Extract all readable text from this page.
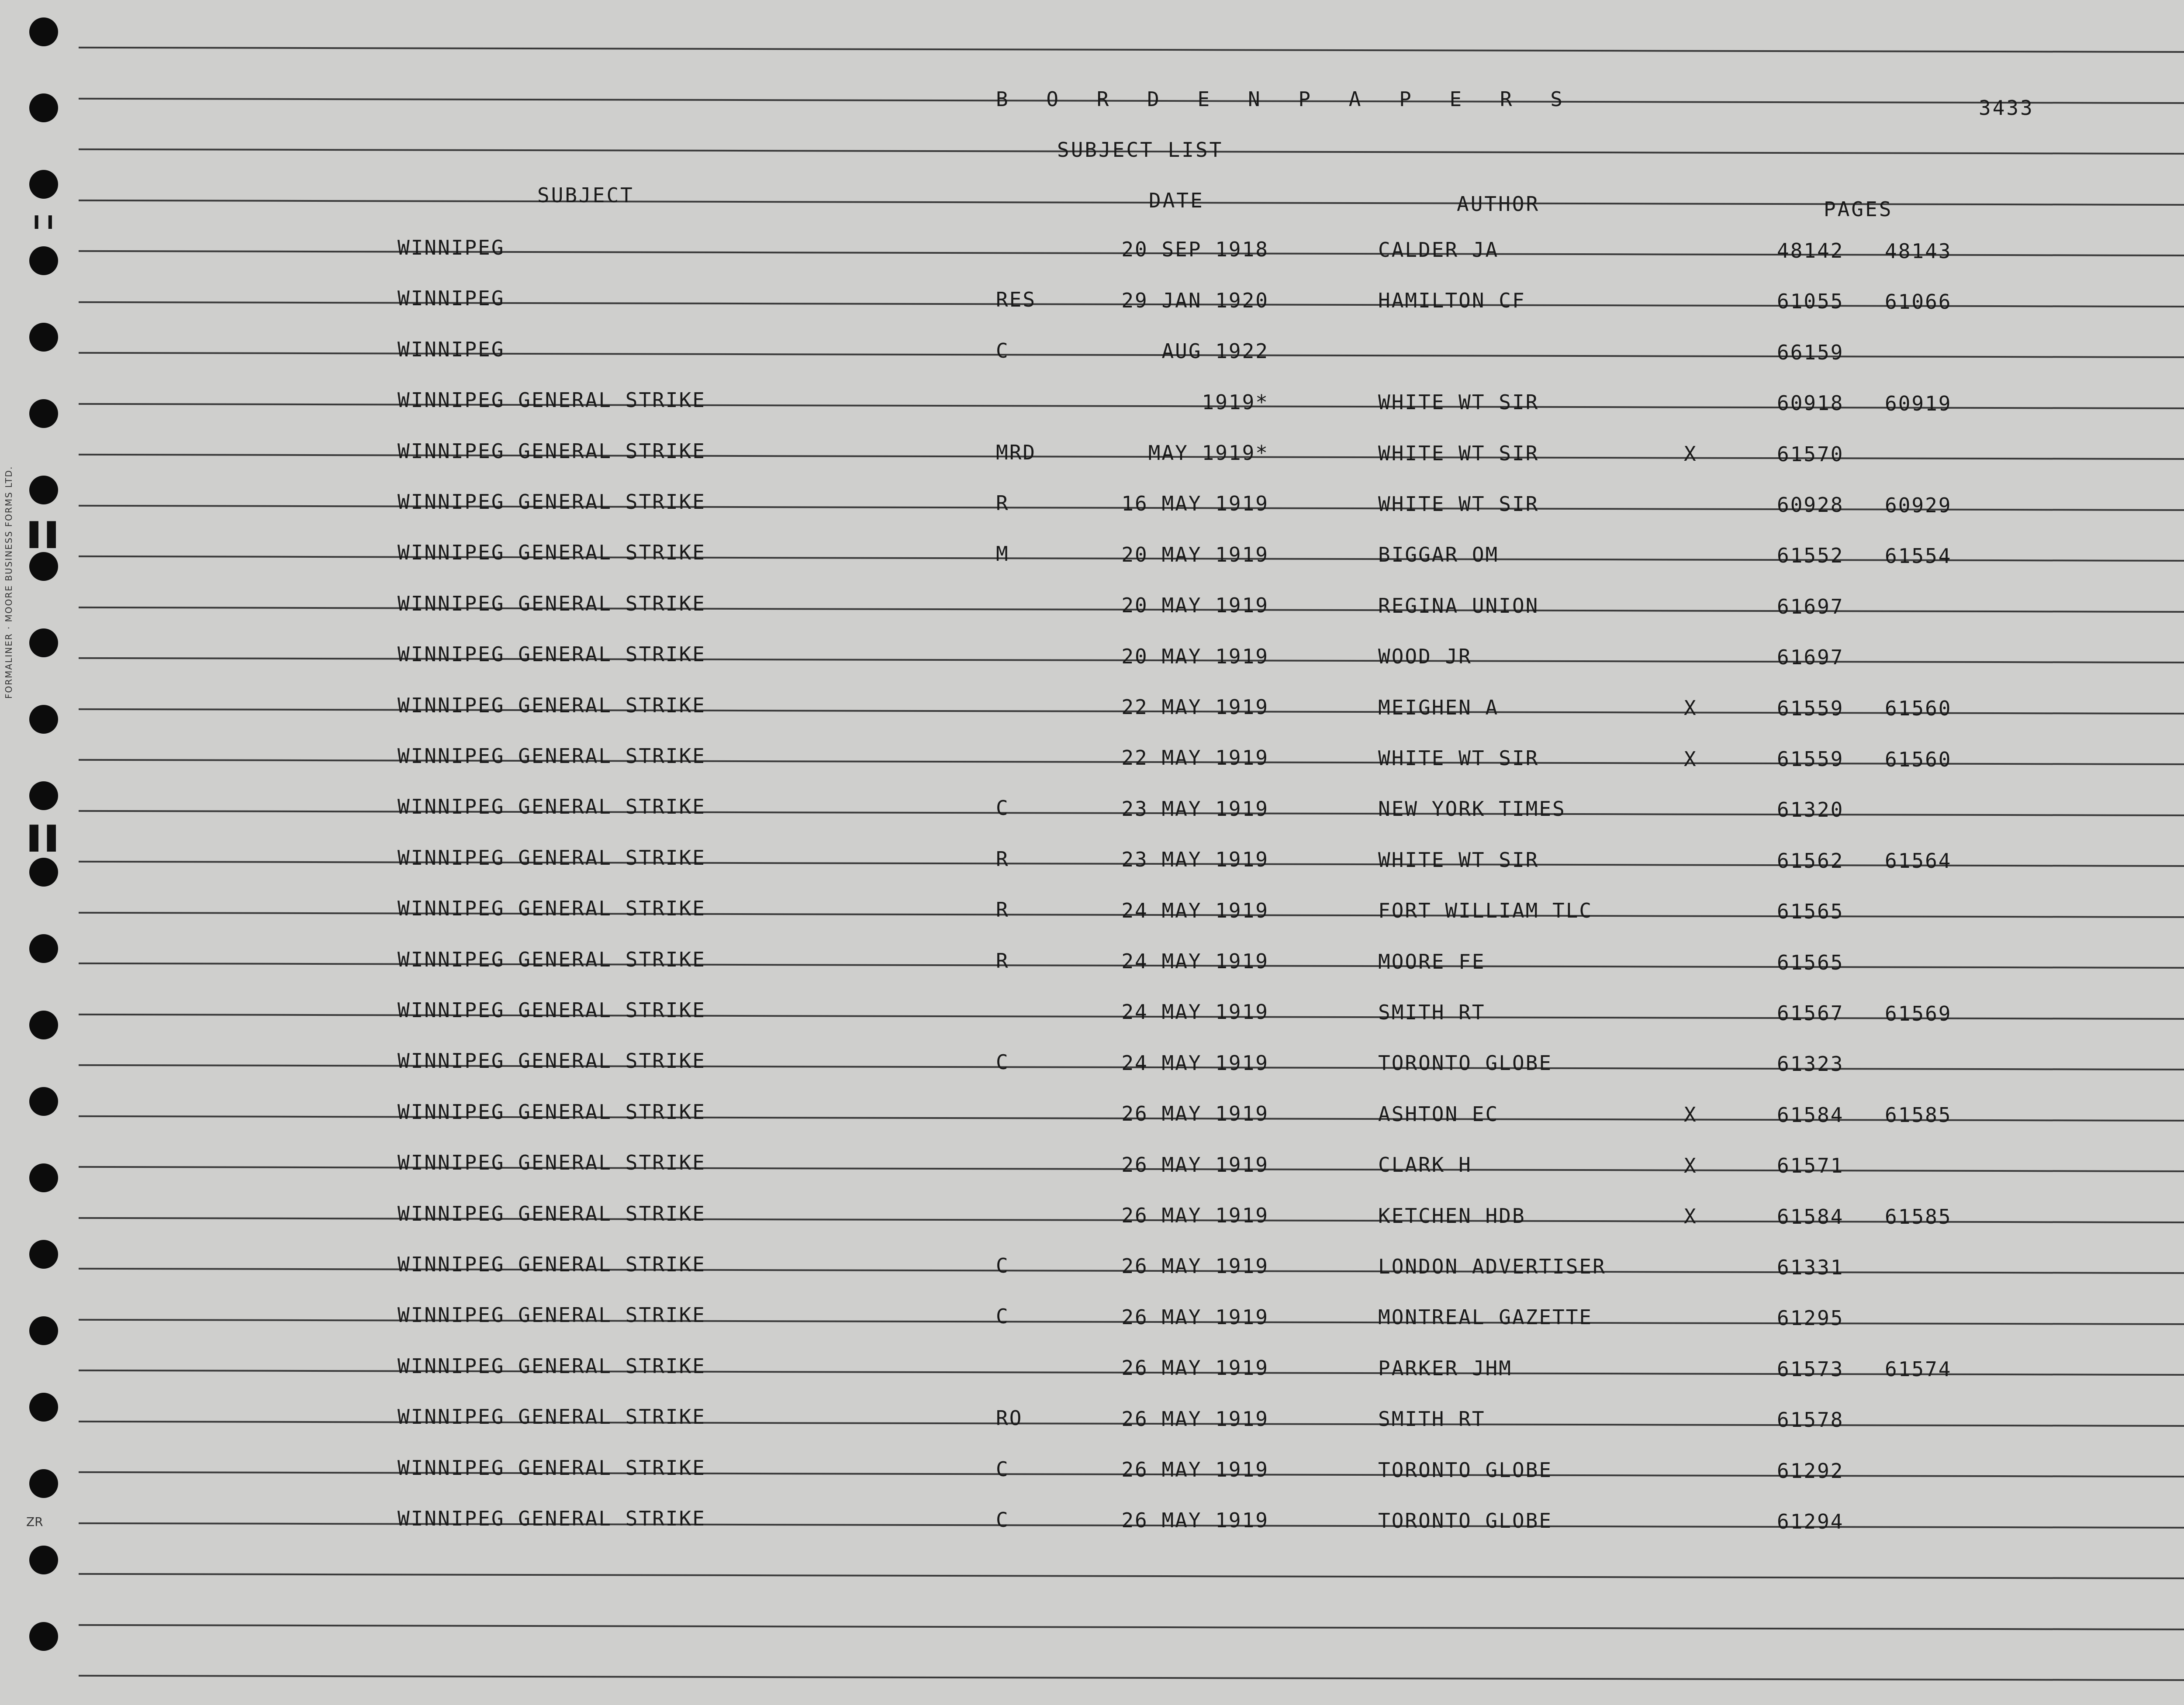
FORMALINER · MOORE BUSINESS FORMS LTD.
ZR
╹╹
▌▌
▌▌
B O R D E N P A P E R S	3433
SUBJECT LIST
SUBJECT	DATE	AUTHOR	PAGES
WINNIPEG	20 SEP 1918	CALDER JA	48142 48143
WINNIPEG	RES	29 JAN 1920	HAMILTON CF	61055 61066
WINNIPEG	C	AUG 1922	66159
WINNIPEG GENERAL STRIKE	1919*	WHITE WT SIR	60918 60919
WINNIPEG GENERAL STRIKE	MRD	MAY 1919*	WHITE WT SIR	X	61570
WINNIPEG GENERAL STRIKE	R	16 MAY 1919	WHITE WT SIR	60928 60929
WINNIPEG GENERAL STRIKE	M	20 MAY 1919	BIGGAR OM	61552 61554
WINNIPEG GENERAL STRIKE	20 MAY 1919	REGINA UNION	61697
WINNIPEG GENERAL STRIKE	20 MAY 1919	WOOD JR	61697
WINNIPEG GENERAL STRIKE	22 MAY 1919	MEIGHEN A	X	61559 61560
WINNIPEG GENERAL STRIKE	22 MAY 1919	WHITE WT SIR	X	61559 61560
WINNIPEG GENERAL STRIKE	C	23 MAY 1919	NEW YORK TIMES	61320
WINNIPEG GENERAL STRIKE	R	23 MAY 1919	WHITE WT SIR	61562 61564
WINNIPEG GENERAL STRIKE	R	24 MAY 1919	FORT WILLIAM TLC	61565
WINNIPEG GENERAL STRIKE	R	24 MAY 1919	MOORE FE	61565
WINNIPEG GENERAL STRIKE	24 MAY 1919	SMITH RT	61567 61569
WINNIPEG GENERAL STRIKE	C	24 MAY 1919	TORONTO GLOBE	61323
WINNIPEG GENERAL STRIKE	26 MAY 1919	ASHTON EC	X	61584 61585
WINNIPEG GENERAL STRIKE	26 MAY 1919	CLARK H	X	61571
WINNIPEG GENERAL STRIKE	26 MAY 1919	KETCHEN HDB	X	61584 61585
WINNIPEG GENERAL STRIKE	C	26 MAY 1919	LONDON ADVERTISER	61331
WINNIPEG GENERAL STRIKE	C	26 MAY 1919	MONTREAL GAZETTE	61295
WINNIPEG GENERAL STRIKE	26 MAY 1919	PARKER JHM	61573 61574
WINNIPEG GENERAL STRIKE	RO	26 MAY 1919	SMITH RT	61578
WINNIPEG GENERAL STRIKE	C	26 MAY 1919	TORONTO GLOBE	61292
WINNIPEG GENERAL STRIKE	C	26 MAY 1919	TORONTO GLOBE	61294
